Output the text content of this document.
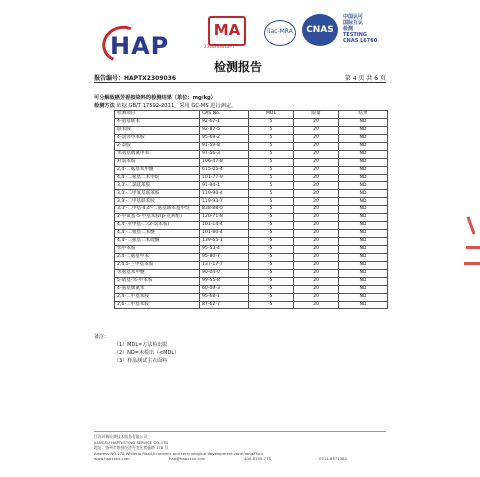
HAP
MA
231020341277
ilac-MRA	CNAS
中国认可
国际互认
检测
TESTING
CNAS L6760
检测报告
报告编号：HAPTX2309036	第 4 页 共 6 页
可分解致癌芳香胺染料的检测结果（单位：mg/kg）
检测方法 依据 GB/T 17592-2011，采用 GC-MS 进行测定。
检测项目	CAS No.	MDL	限量	结果
4-氨基联苯	92-67-1	5	20	ND
联苯胺	92-87-5	5	20	ND
4-氯邻甲苯胺	95-69-2	5	20	ND
2-萘胺	91-59-8	5	20	ND
邻氨基偶氮甲苯	97-56-3	5	20	ND
对氯苯胺	106-47-8	5	20	ND
2,4-二氨基苯甲醚	615-05-4	5	20	ND
4,4'-二氨基二苯甲烷	101-77-9	5	20	ND
3,3'-二氯联苯胺	91-94-1	5	20	ND
3,3'-二甲氧基联苯胺	119-90-4	5	20	ND
3,3'-二甲基联苯胺	119-93-7	5	20	ND
3,3'-二甲基-4,4'-二氨基联苯基甲烷	838-88-0	5	20	ND
2-甲氧基-5-甲基苯胺(p-克利酊)	120-71-8	5	20	ND
4,4'-亚甲基-二(2-氯苯胺)	101-14-4	5	20	ND
4,4'-二氨基二苯醚	101-80-4	5	20	ND
4,4'-二氨基二苯硫醚	139-65-1	5	20	ND
邻甲苯胺	95-53-4	5	20	ND
2,4-二氨基甲苯	95-80-7	5	20	ND
2,4,5-三甲基苯胺	137-17-7	5	20	ND
邻氨基苯甲醚	90-04-0	5	20	ND
5-硝基-邻-甲苯胺	99-55-8	5	20	ND
4-氨基偶氮苯	60-09-3	5	20	ND
2,4-二甲基苯胺	95-68-1	5	20	ND
2,6-二甲基苯胺	87-62-7	5	20	ND
备注：
（1）MDL=方法检出限
（2）ND=未检出（<MDL）
（3）样品测试主衣面料
江苏环瑞检测技术服务有限公司
JIANGSU HAPTESTING SERVICE CO.,LTD
地址：扬州市维扬经济开发区紫藤路 178 号
Address:NO.178 Wisteria Road,Economic and technological development zone,YangZhou
www.hapxxxx.com	hap@hapxxxx.com	400-6155-775	0514-8571383
